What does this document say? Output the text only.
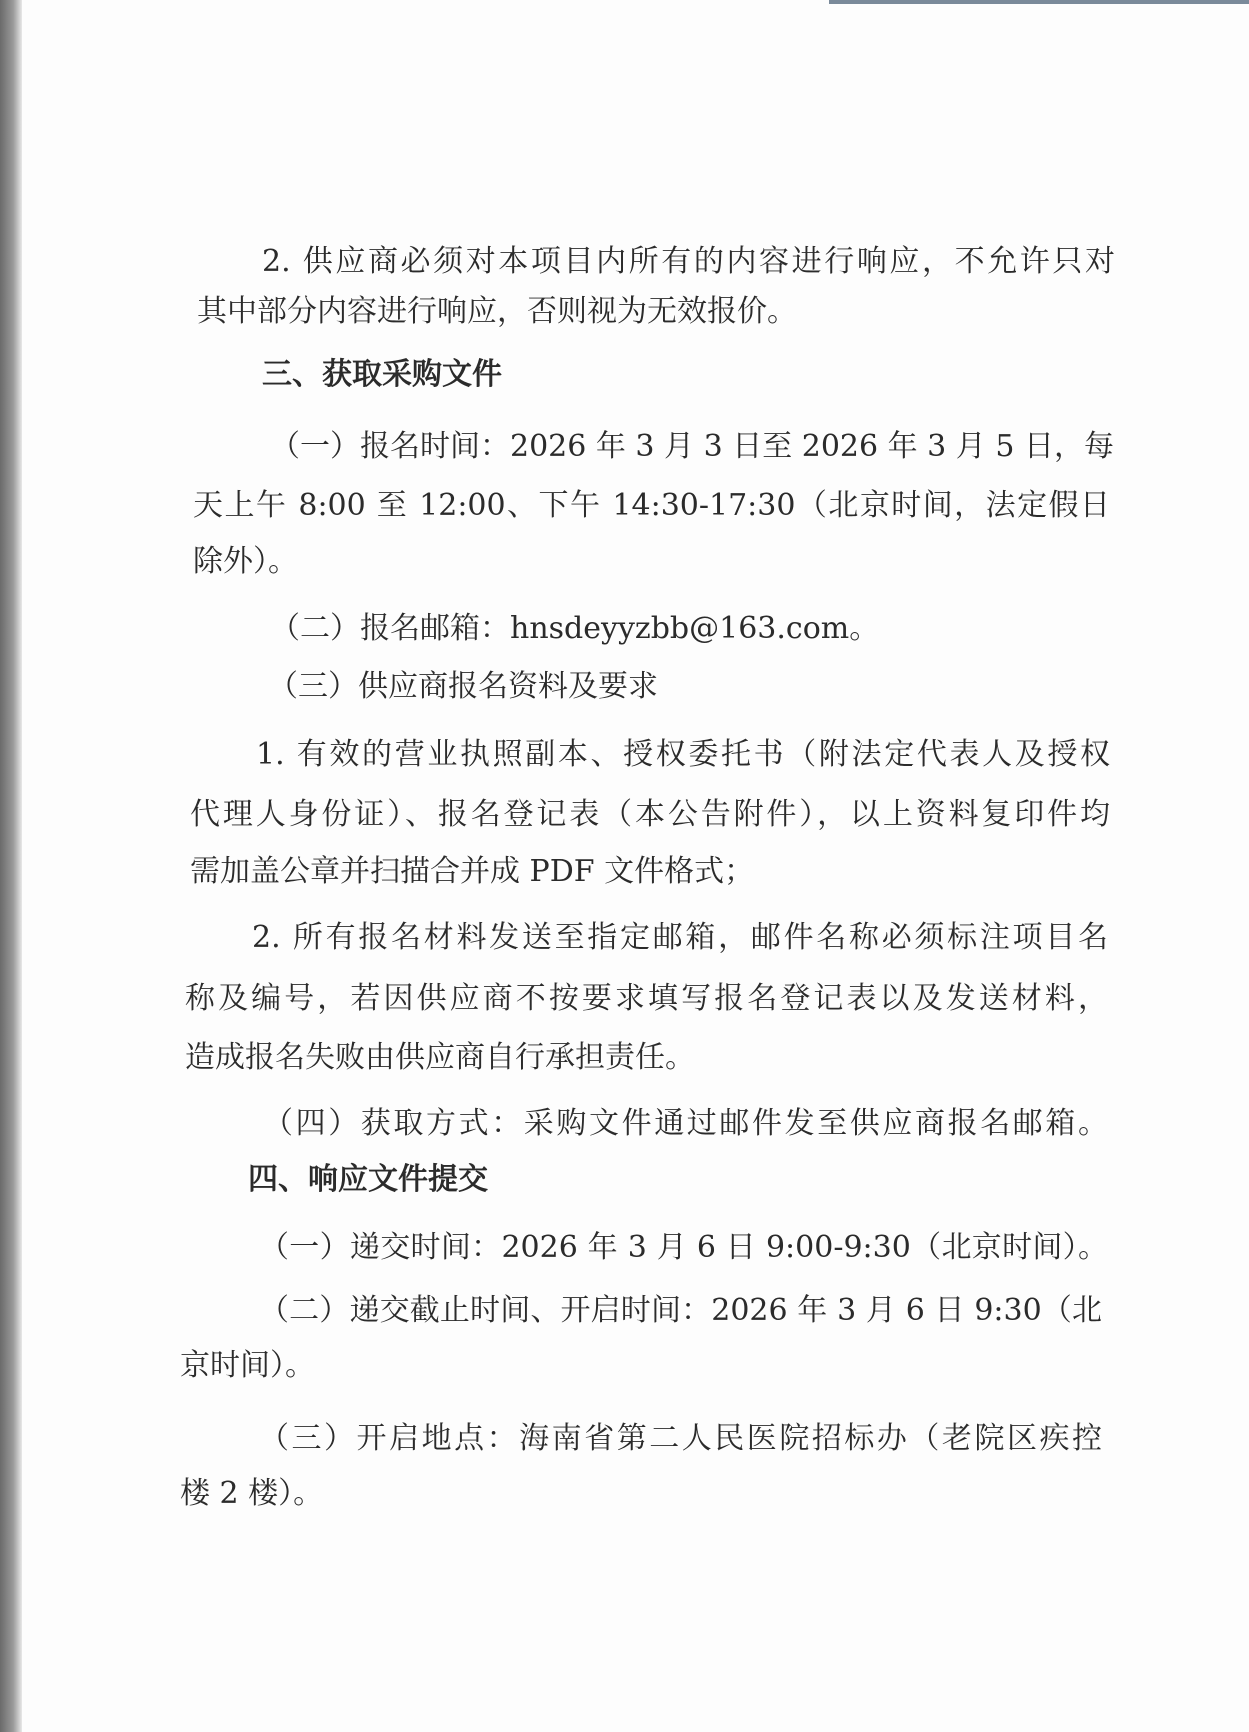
2. 供应商必须对本项目内所有的内容进行响应，不允许只对
其中部分内容进行响应，否则视为无效报价。
三、获取采购文件
（一）报名时间：2026 年 3 月 3 日至 2026 年 3 月 5 日，每
天上午 8:00 至 12:00、下午 14:30-17:30（北京时间，法定假日
除外）。
（二）报名邮箱：hnsdeyyzbb@163.com。
（三）供应商报名资料及要求
1. 有效的营业执照副本、授权委托书（附法定代表人及授权
代理人身份证）、报名登记表（本公告附件），以上资料复印件均
需加盖公章并扫描合并成 PDF 文件格式；
2. 所有报名材料发送至指定邮箱，邮件名称必须标注项目名
称及编号，若因供应商不按要求填写报名登记表以及发送材料，
造成报名失败由供应商自行承担责任。
（四）获取方式：采购文件通过邮件发至供应商报名邮箱。
四、响应文件提交
（一）递交时间：2026 年 3 月 6 日 9:00-9:30（北京时间）。
（二）递交截止时间、开启时间：2026 年 3 月 6 日 9:30（北
京时间）。
（三）开启地点：海南省第二人民医院招标办（老院区疾控
楼 2 楼）。
